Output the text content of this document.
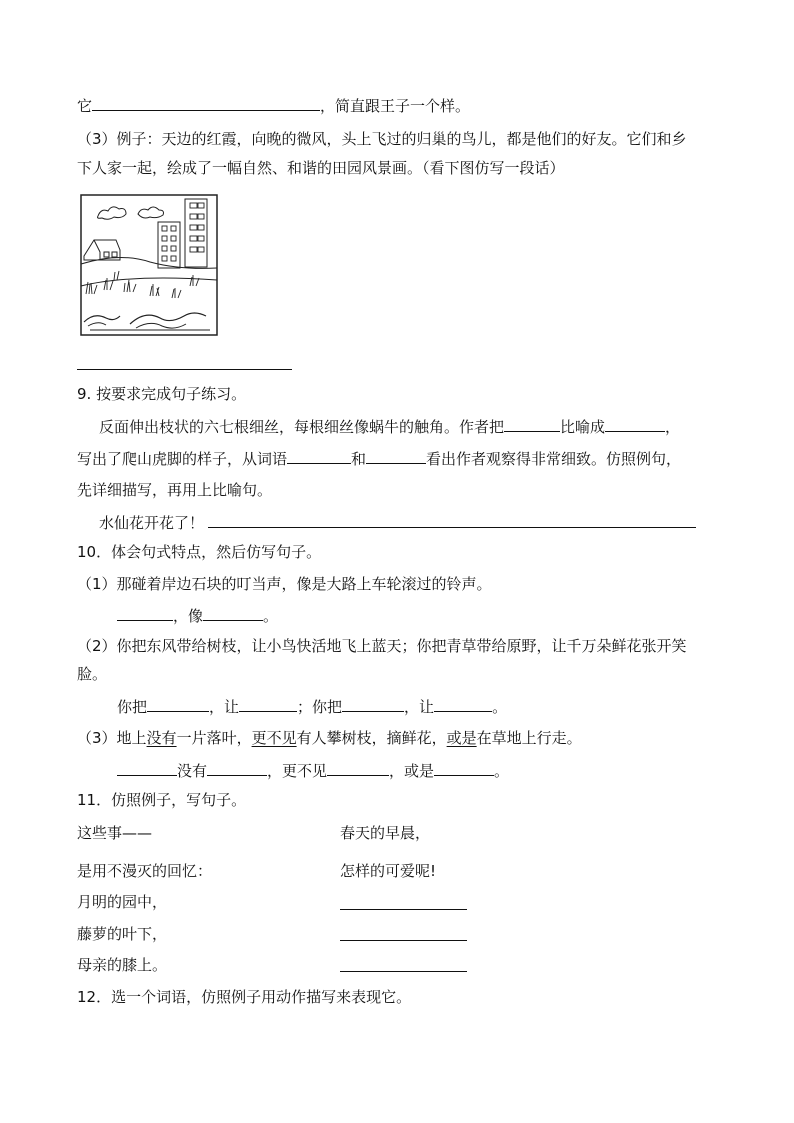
它	，简直跟王子一个样。
（3）例子：天边的红霞，向晚的微风，头上飞过的归巢的鸟儿，都是他们的好友。它们和乡
下人家一起，绘成了一幅自然、和谐的田园风景画。（看下图仿写一段话）
9. 按要求完成句子练习。
反面伸出枝状的六七根细丝，每根细丝像蜗牛的触角。作者把	比喻成	，
写出了爬山虎脚的样子，从词语	和	看出作者观察得非常细致。仿照例句，
先详细描写，再用上比喻句。
水仙花开花了！
10．体会句式特点，然后仿写句子。
（1）那碰着岸边石块的叮当声，像是大路上车轮滚过的铃声。
，像	。
（2）你把东风带给树枝，让小鸟快活地飞上蓝天；你把青草带给原野，让千万朵鲜花张开笑
脸。
你把	，让	；你把	，让	。
（3）地上没有一片落叶，更不见有人攀树枝，摘鲜花，或是在草地上行走。
没有	，更不见	，或是	。
11．仿照例子，写句子。
这些事——	春天的早晨，
是用不漫灭的回忆：	怎样的可爱呢!
月明的园中，
藤萝的叶下，
母亲的膝上。
12．选一个词语，仿照例子用动作描写来表现它。
